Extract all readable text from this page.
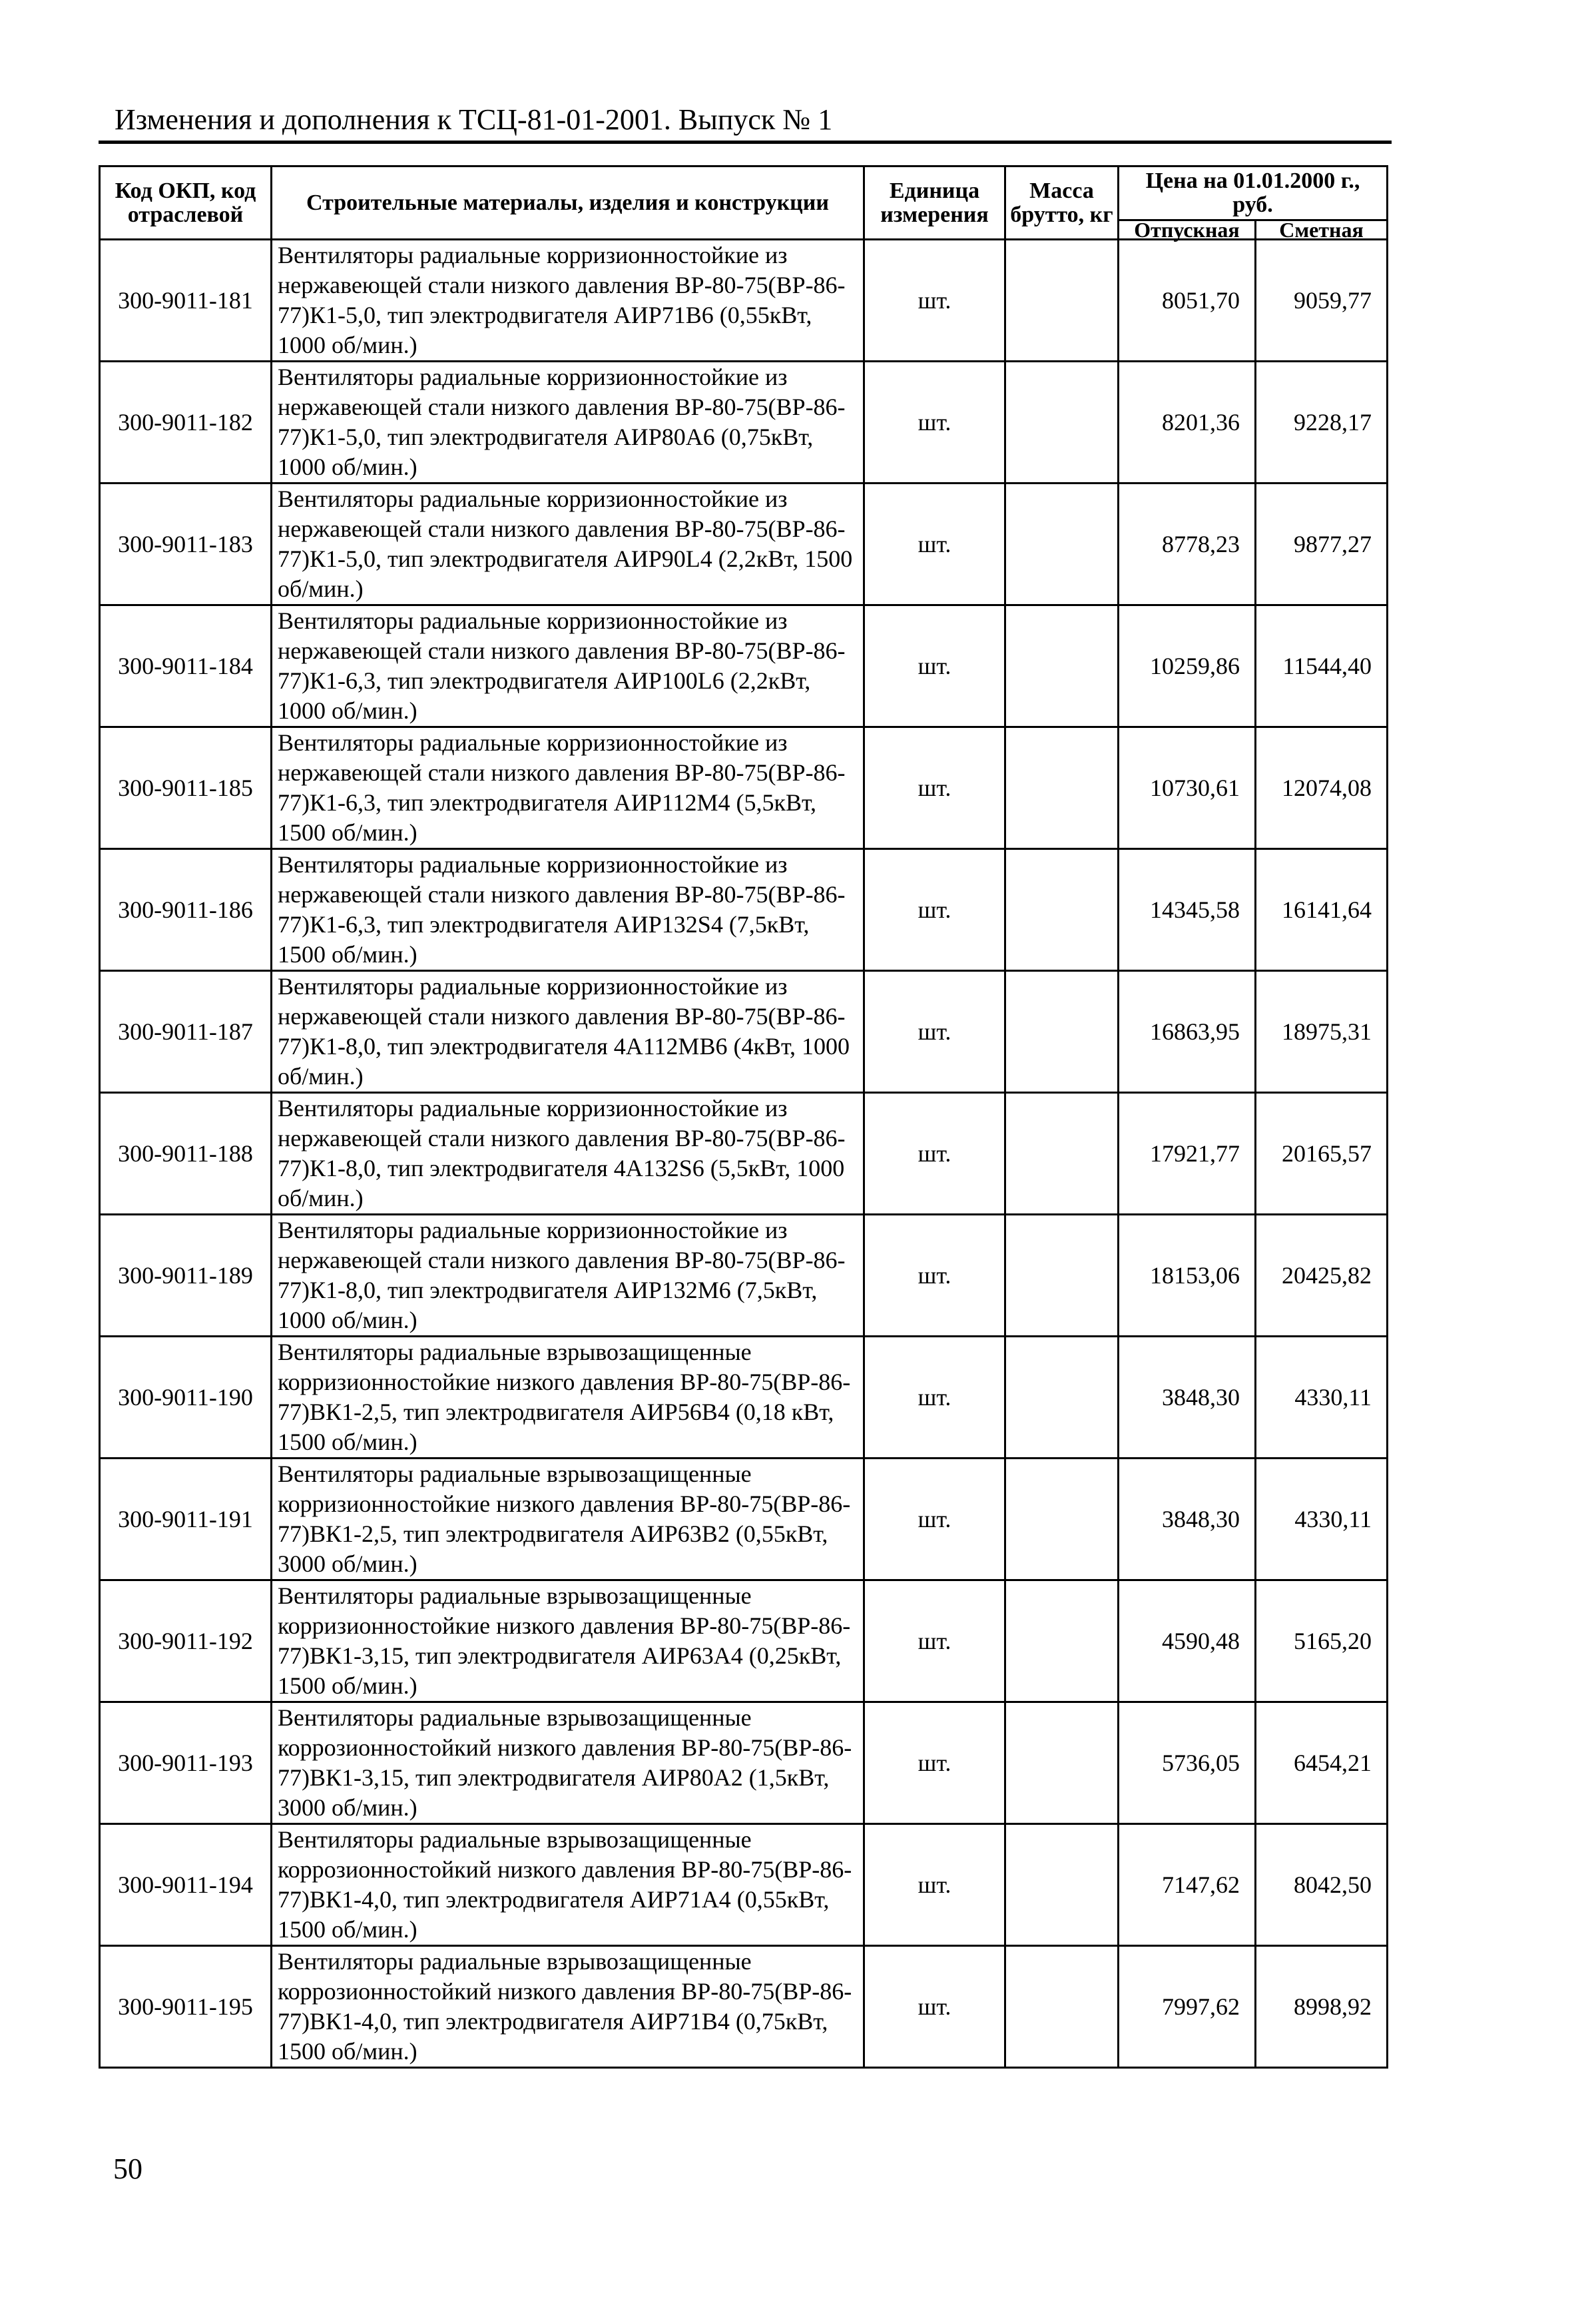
Изменения и дополнения к ТСЦ-81-01-2001. Выпуск № 1
Код ОКП, код отраслевой	Строительные материалы, изделия и конструкции	Единица измерения	Масса брутто, кг	Цена на 01.01.2000 г., руб.	
				Отпускная	Сметная
300-9011-181	Вентиляторы радиальные корризионностойкие из нержавеющей стали низкого давления ВР-80-75(ВР-86-77)К1-5,0, тип электродвигателя АИР71В6 (0,55кВт, 1000 об/мин.)	шт.		8051,70	9059,77
300-9011-182	Вентиляторы радиальные корризионностойкие из нержавеющей стали низкого давления ВР-80-75(ВР-86-77)К1-5,0, тип электродвигателя АИР80А6 (0,75кВт, 1000 об/мин.)	шт.		8201,36	9228,17
300-9011-183	Вентиляторы радиальные корризионностойкие из нержавеющей стали низкого давления ВР-80-75(ВР-86-77)К1-5,0, тип электродвигателя АИР90L4 (2,2кВт, 1500 об/мин.)	шт.		8778,23	9877,27
300-9011-184	Вентиляторы радиальные корризионностойкие из нержавеющей стали низкого давления ВР-80-75(ВР-86-77)К1-6,3, тип электродвигателя АИР100L6 (2,2кВт, 1000 об/мин.)	шт.		10259,86	11544,40
300-9011-185	Вентиляторы радиальные корризионностойкие из нержавеющей стали низкого давления ВР-80-75(ВР-86-77)К1-6,3, тип электродвигателя АИР112М4 (5,5кВт, 1500 об/мин.)	шт.		10730,61	12074,08
300-9011-186	Вентиляторы радиальные корризионностойкие из нержавеющей стали низкого давления ВР-80-75(ВР-86-77)К1-6,3, тип электродвигателя АИР132S4 (7,5кВт, 1500 об/мин.)	шт.		14345,58	16141,64
300-9011-187	Вентиляторы радиальные корризионностойкие из нержавеющей стали низкого давления ВР-80-75(ВР-86-77)К1-8,0, тип электродвигателя 4А112МВ6 (4кВт, 1000 об/мин.)	шт.		16863,95	18975,31
300-9011-188	Вентиляторы радиальные корризионностойкие из нержавеющей стали низкого давления ВР-80-75(ВР-86-77)К1-8,0, тип электродвигателя 4А132S6 (5,5кВт, 1000 об/мин.)	шт.		17921,77	20165,57
300-9011-189	Вентиляторы радиальные корризионностойкие из нержавеющей стали низкого давления ВР-80-75(ВР-86-77)К1-8,0, тип электродвигателя АИР132М6 (7,5кВт, 1000 об/мин.)	шт.		18153,06	20425,82
300-9011-190	Вентиляторы радиальные взрывозащищенные корризионностойкие низкого давления ВР-80-75(ВР-86-77)ВК1-2,5, тип электродвигателя АИР56В4 (0,18 кВт, 1500 об/мин.)	шт.		3848,30	4330,11
300-9011-191	Вентиляторы радиальные взрывозащищенные корризионностойкие низкого давления ВР-80-75(ВР-86-77)ВК1-2,5, тип электродвигателя АИР63В2 (0,55кВт, 3000 об/мин.)	шт.		3848,30	4330,11
300-9011-192	Вентиляторы радиальные взрывозащищенные корризионностойкие низкого давления ВР-80-75(ВР-86-77)ВК1-3,15, тип электродвигателя АИР63А4 (0,25кВт, 1500 об/мин.)	шт.		4590,48	5165,20
300-9011-193	Вентиляторы радиальные взрывозащищенные коррозионностойкий низкого давления ВР-80-75(ВР-86-77)ВК1-3,15, тип электродвигателя АИР80А2 (1,5кВт, 3000 об/мин.)	шт.		5736,05	6454,21
300-9011-194	Вентиляторы радиальные взрывозащищенные коррозионностойкий низкого давления ВР-80-75(ВР-86-77)ВК1-4,0, тип электродвигателя АИР71А4 (0,55кВт, 1500 об/мин.)	шт.		7147,62	8042,50
300-9011-195	Вентиляторы радиальные взрывозащищенные коррозионностойкий низкого давления ВР-80-75(ВР-86-77)ВК1-4,0, тип электродвигателя АИР71В4 (0,75кВт, 1500 об/мин.)	шт.		7997,62	8998,92
50
